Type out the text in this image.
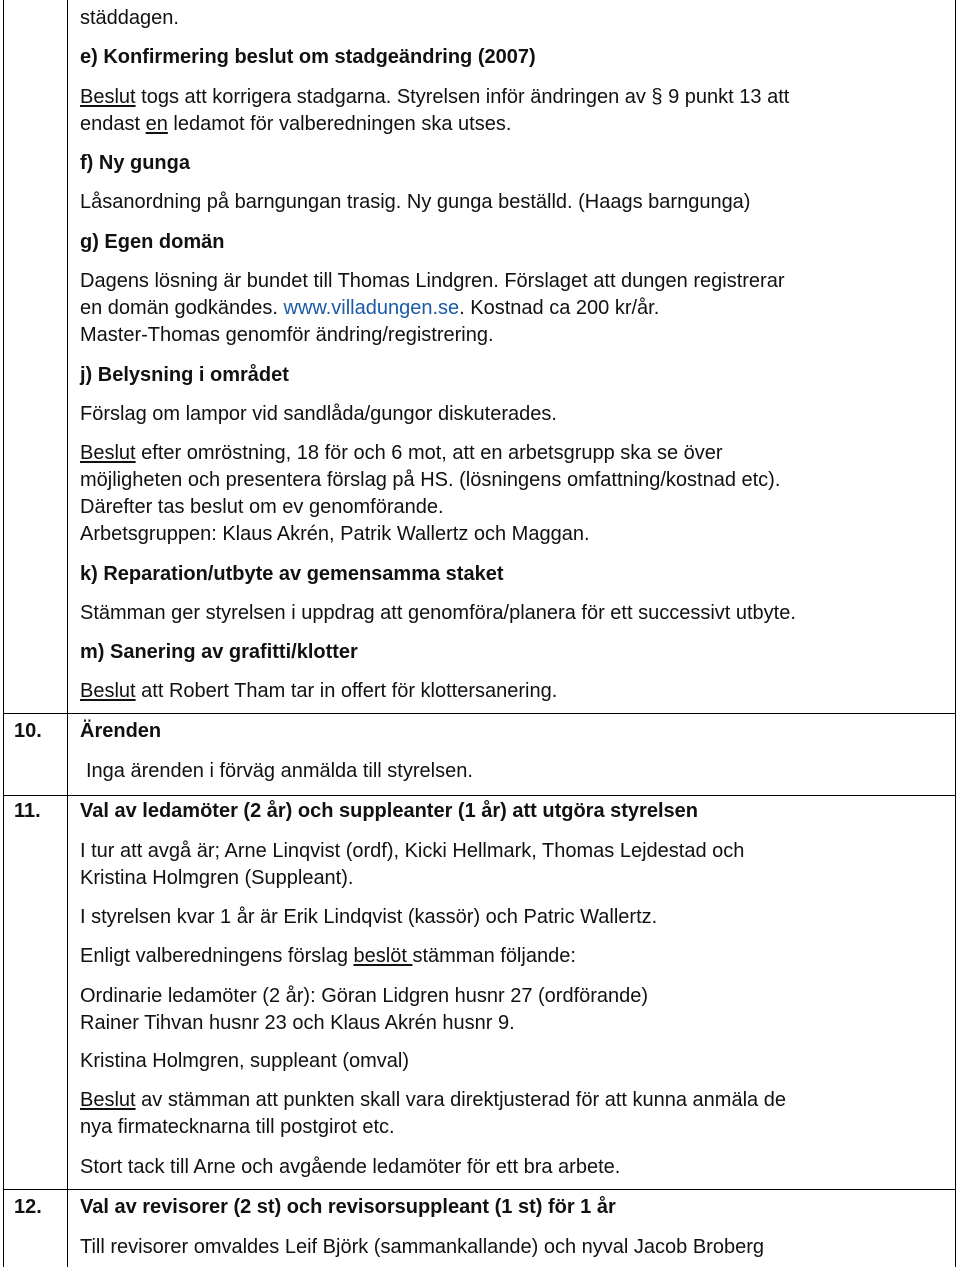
städdagen.
e) Konfirmering beslut om stadgeändring (2007)
Beslut togs att korrigera stadgarna. Styrelsen inför ändringen av § 9 punkt 13 att
endast en ledamot för valberedningen ska utses.
f) Ny gunga
Låsanordning på barngungan trasig. Ny gunga beställd. (Haags barngunga)
g) Egen domän
Dagens lösning är bundet till Thomas Lindgren. Förslaget att dungen registrerar
en domän godkändes. www.villadungen.se. Kostnad ca 200 kr/år.
Master-Thomas genomför ändring/registrering.
j) Belysning i området
Förslag om lampor vid sandlåda/gungor diskuterades.
Beslut efter omröstning, 18 för och 6 mot, att en arbetsgrupp ska se över
möjligheten och presentera förslag på HS. (lösningens omfattning/kostnad etc).
Därefter tas beslut om ev genomförande.
Arbetsgruppen: Klaus Akrén, Patrik Wallertz och Maggan.
k) Reparation/utbyte av gemensamma staket
Stämman ger styrelsen i uppdrag att genomföra/planera för ett successivt utbyte.
m) Sanering av grafitti/klotter
Beslut att Robert Tham tar in offert för klottersanering.
10. Ärenden
Inga ärenden i förväg anmälda till styrelsen.
11. Val av ledamöter (2 år) och suppleanter (1 år) att utgöra styrelsen
I tur att avgå är; Arne Linqvist (ordf), Kicki Hellmark, Thomas Lejdestad och
Kristina Holmgren (Suppleant).
I styrelsen kvar 1 år är Erik Lindqvist (kassör) och Patric Wallertz.
Enligt valberedningens förslag beslöt stämman följande:
Ordinarie ledamöter (2 år): Göran Lidgren husnr 27 (ordförande)
Rainer Tihvan husnr 23 och Klaus Akrén husnr 9.
Kristina Holmgren, suppleant (omval)
Beslut av stämman att punkten skall vara direktjusterad för att kunna anmäla de
nya firmatecknarna till postgirot etc.
Stort tack till Arne och avgående ledamöter för ett bra arbete.
12. Val av revisorer (2 st) och revisorsuppleant (1 st) för 1 år
Till revisorer omvaldes Leif Björk (sammankallande) och nyval Jacob Broberg
